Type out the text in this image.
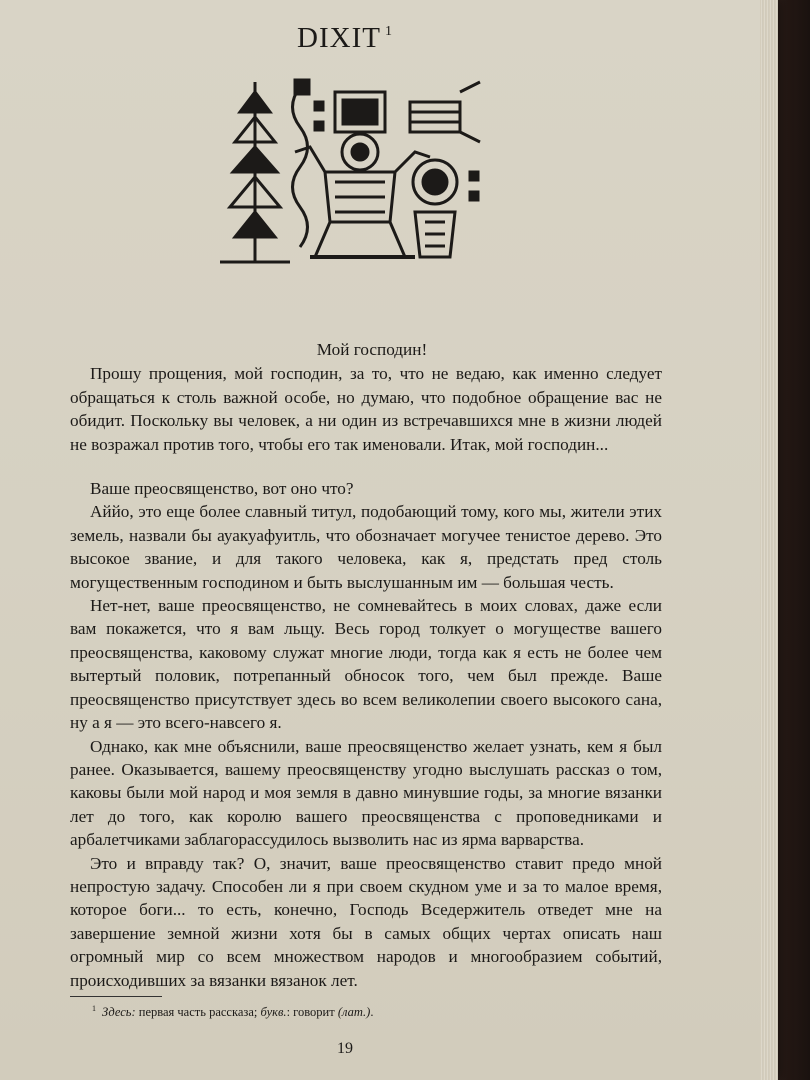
DIXIT $^1$

Мой господин!

Прошу прощения, мой господин, за то, что не ведаю, как именно следует обращаться к столь важной особе, но думаю, что подобное обращение вас не обидит. Поскольку вы человек, а ни один из встречавшихся мне в жизни людей не возражал против того, чтобы его так именовали. Итак, мой господин...

Ваше преосвященство, вот оно что?

Аййо, это еще более славный титул, подобающий тому, кого мы, жители этих земель, назвали бы ауакуафуитль, что обозначает могучее тенистое дерево. Это высокое звание, и для такого человека, как я, предстать пред столь могущественным господином и быть выслушанным им — большая честь.

Нет-нет, ваше преосвященство, не сомневайтесь в моих словах, даже если вам покажется, что я вам льщу. Весь город толкует о могуществе вашего преосвященства, каковому служат многие люди, тогда как я есть не более чем вытертый половик, потрепанный обносок того, чем был прежде. Ваше преосвященство присутствует здесь во всем великолепии своего высокого сана, ну а я — это всего-навсего я.

Однако, как мне объяснили, ваше преосвященство желает узнать, кем я был ранее. Оказывается, вашему преосвященству угодно выслушать рассказ о том, каковы были мой народ и моя земля в давно минувшие годы, за многие вязанки лет до того, как королю вашего преосвященства с проповедниками и арбалетчиками заблагорассудилось вызволить нас из ярма варварства.

Это и вправду так? О, значит, ваше преосвященство ставит предо мной непростую задачу. Способен ли я при своем скудном уме и за то малое время, которое боги... то есть, конечно, Господь Вседержитель отведет мне на завершение земной жизни хотя бы в самых общих чертах описать наш огромный мир со всем множеством народов и многообразием событий, происходивших за вязанки вязанок лет.

$^1$ Здесь: первая часть рассказа; букв.: говорит (лат.).
19
